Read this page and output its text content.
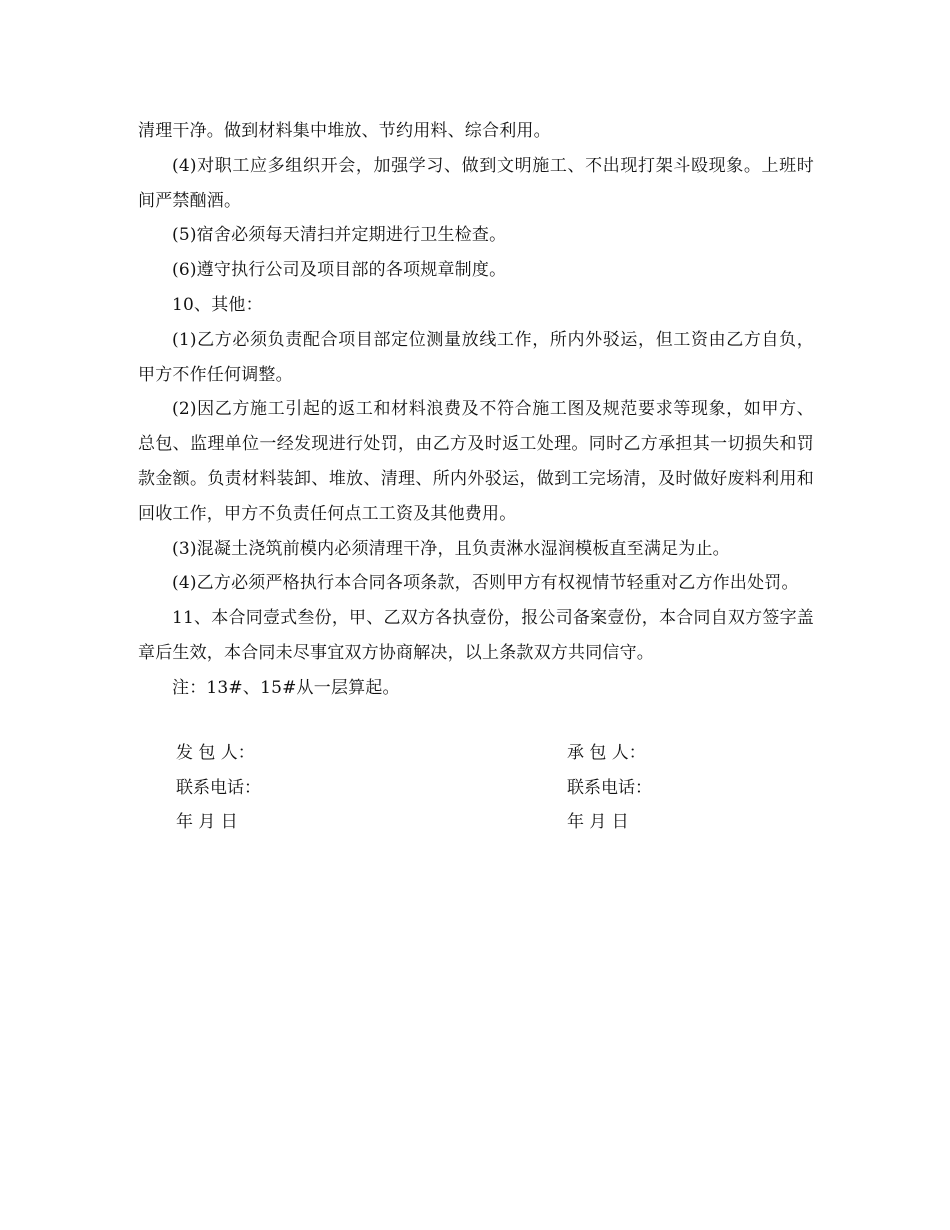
清理干净。做到材料集中堆放、节约用料、综合利用。

(4)对职工应多组织开会，加强学习、做到文明施工、不出现打架斗殴现象。上班时间严禁酗酒。

(5)宿舍必须每天清扫并定期进行卫生检查。

(6)遵守执行公司及项目部的各项规章制度。

10、其他：

(1)乙方必须负责配合项目部定位测量放线工作，所内外驳运，但工资由乙方自负，甲方不作任何调整。

(2)因乙方施工引起的返工和材料浪费及不符合施工图及规范要求等现象，如甲方、总包、监理单位一经发现进行处罚，由乙方及时返工处理。同时乙方承担其一切损失和罚款金额。负责材料装卸、堆放、清理、所内外驳运，做到工完场清，及时做好废料利用和回收工作，甲方不负责任何点工工资及其他费用。

(3)混凝土浇筑前模内必须清理干净，且负责淋水湿润模板直至满足为止。

(4)乙方必须严格执行本合同各项条款，否则甲方有权视情节轻重对乙方作出处罚。

11、本合同壹式叁份，甲、乙双方各执壹份，报公司备案壹份，本合同自双方签字盖章后生效，本合同未尽事宜双方协商解决，以上条款双方共同信守。

注：13#、15#从一层算起。

发 包 人：	承 包 人：
联系电话：	联系电话：
年 月 日	年 月 日
